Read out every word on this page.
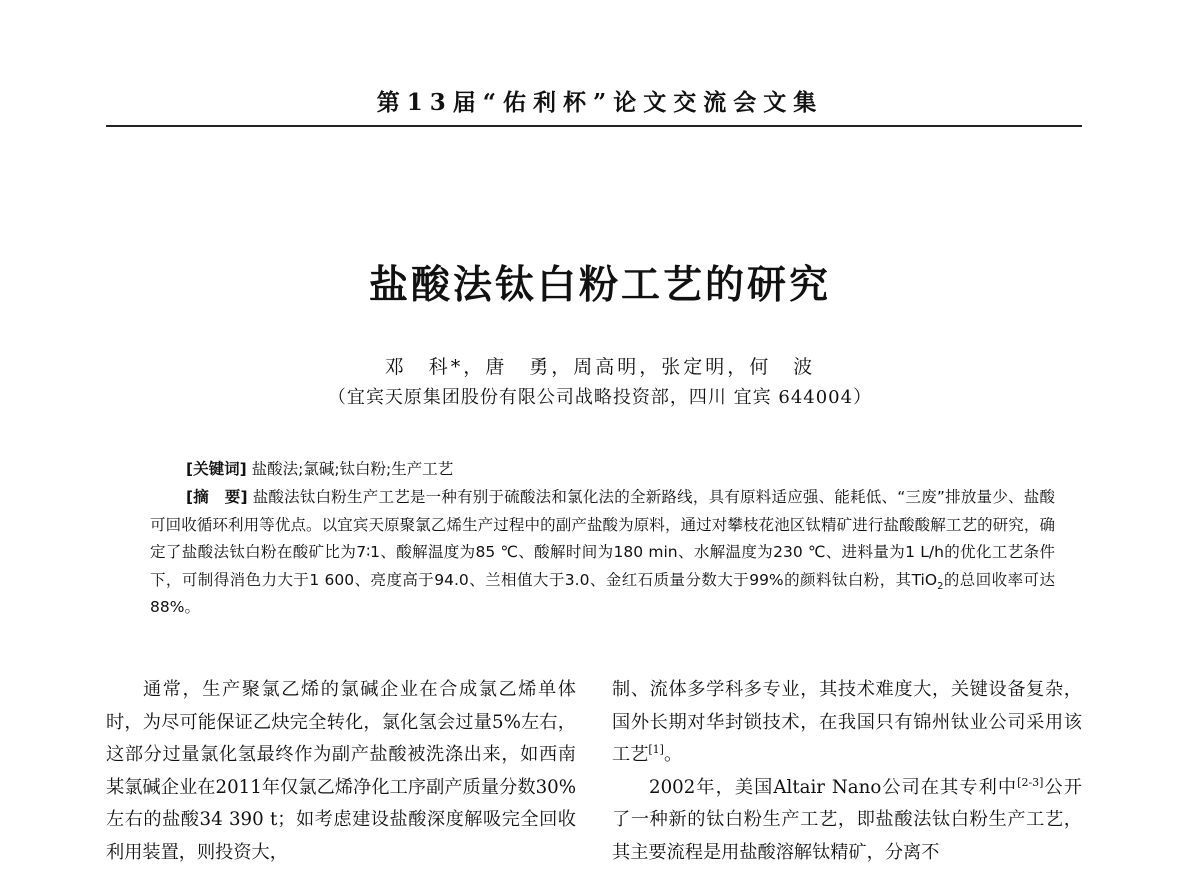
第13届“佑利杯”论文交流会文集
盐酸法钛白粉工艺的研究
邓　科*，唐　勇，周高明，张定明，何　波
（宜宾天原集团股份有限公司战略投资部，四川 宜宾 644004）
[关键词] 盐酸法;氯碱;钛白粉;生产工艺
[摘　要] 盐酸法钛白粉生产工艺是一种有别于硫酸法和氯化法的全新路线，具有原料适应强、能耗低、“三废”排放量少、盐酸可回收循环利用等优点。以宜宾天原聚氯乙烯生产过程中的副产盐酸为原料，通过对攀枝花池区钛精矿进行盐酸酸解工艺的研究，确定了盐酸法钛白粉在酸矿比为7∶1、酸解温度为85 ℃、酸解时间为180 min、水解温度为230 ℃、进料量为1 L/h的优化工艺条件下，可制得消色力大于1 600、亮度高于94.0、兰相值大于3.0、金红石质量分数大于99%的颜料钛白粉，其TiO$_2$的总回收率可达88%。

通常，生产聚氯乙烯的氯碱企业在合成氯乙烯单体时，为尽可能保证乙炔完全转化，氯化氢会过量5%左右，这部分过量氯化氢最终作为副产盐酸被洗涤出来，如西南某氯碱企业在2011年仅氯乙烯净化工序副产质量分数30%左右的盐酸34 390 t；如考虑建设盐酸深度解吸完全回收利用装置，则投资大，

制、流体多学科多专业，其技术难度大，关键设备复杂，国外长期对华封锁技术，在我国只有锦州钛业公司采用该工艺[1]。

2002年，美国Altair Nano公司在其专利中[2-3]公开了一种新的钛白粉生产工艺，即盐酸法钛白粉生产工艺，其主要流程是用盐酸溶解钛精矿，分离不
